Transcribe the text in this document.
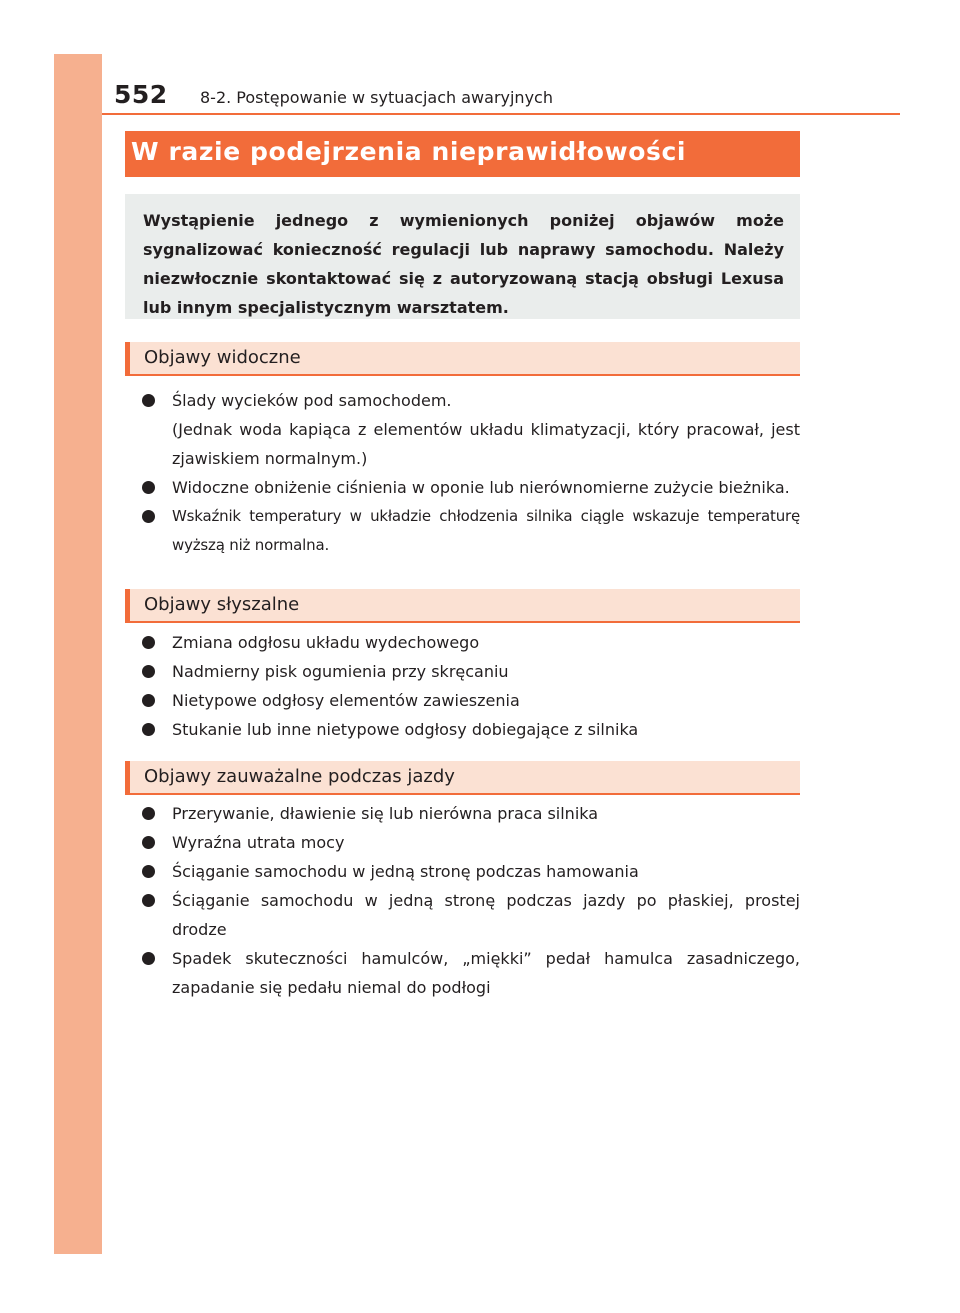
552 8-2. Postępowanie w sytuacjach awaryjnych
W razie podejrzenia nieprawidłowości

Wystąpienie jednego z wymienionych poniżej objawów może sygnalizować konieczność regulacji lub naprawy samochodu. Należy niezwłocznie skontaktować się z autoryzowaną stacją obsługi Lexusa lub innym specjalistycznym warsztatem.

Objawy widoczne
Ślady wycieków pod samochodem.
(Jednak woda kapiąca z elementów układu klimatyzacji, który pracował, jest zjawiskiem normalnym.)
Widoczne obniżenie ciśnienia w oponie lub nierównomierne zużycie bieżnika.
Wskaźnik temperatury w układzie chłodzenia silnika ciągle wskazuje temperaturę wyższą niż normalna.
Objawy słyszalne
Zmiana odgłosu układu wydechowego
Nadmierny pisk ogumienia przy skręcaniu
Nietypowe odgłosy elementów zawieszenia
Stukanie lub inne nietypowe odgłosy dobiegające z silnika
Objawy zauważalne podczas jazdy
Przerywanie, dławienie się lub nierówna praca silnika
Wyraźna utrata mocy
Ściąganie samochodu w jedną stronę podczas hamowania
Ściąganie samochodu w jedną stronę podczas jazdy po płaskiej, prostej drodze
Spadek skuteczności hamulców, „miękki” pedał hamulca zasadniczego, zapadanie się pedału niemal do podłogi
